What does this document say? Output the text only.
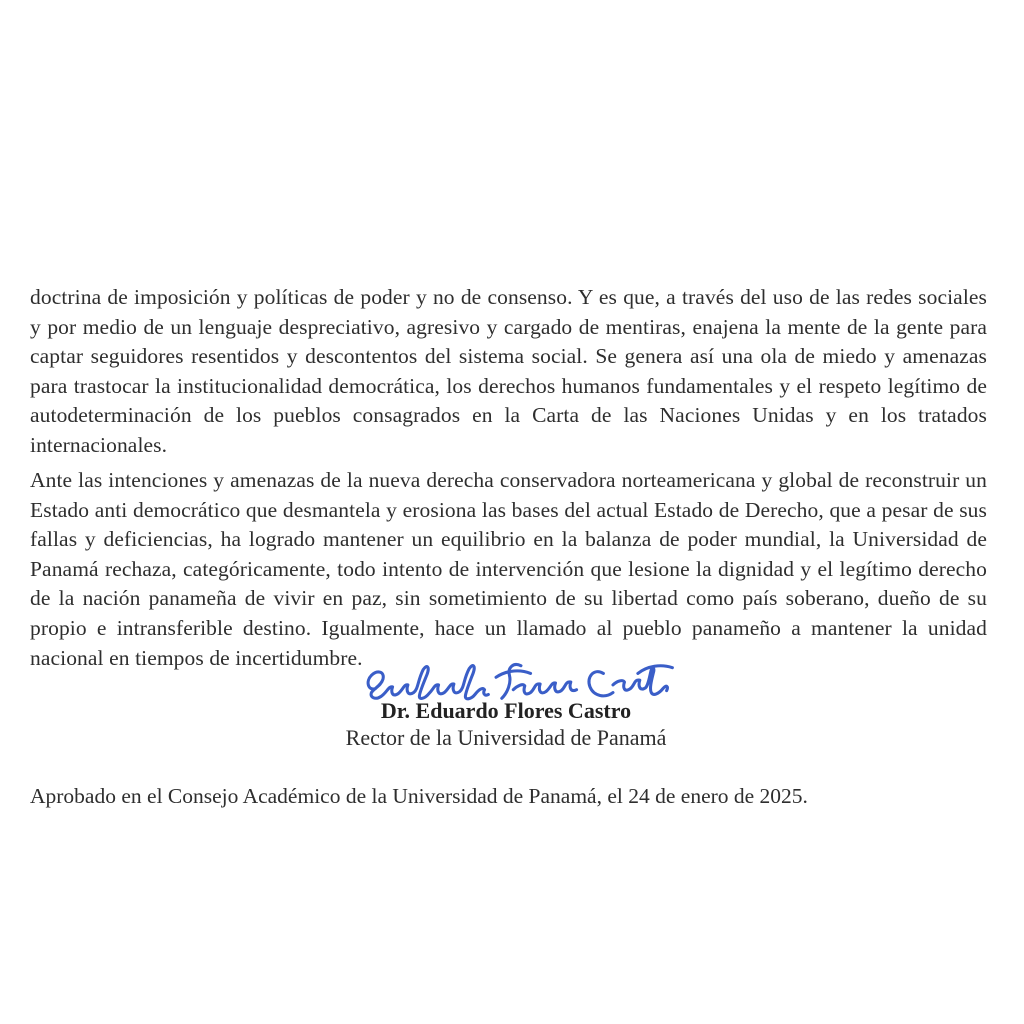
doctrina de imposición y políticas de poder y no de consenso. Y es que, a través del uso de las redes sociales y por medio de un lenguaje despreciativo, agresivo y cargado de mentiras, enajena la mente de la gente para captar seguidores resentidos y descontentos del sistema social. Se genera así una ola de miedo y amenazas para trastocar la institucionalidad democrática, los derechos humanos fundamentales y el respeto legítimo de autodeterminación de los pueblos consagrados en la Carta de las Naciones Unidas y en los tratados internacionales.
Ante las intenciones y amenazas de la nueva derecha conservadora norteamericana y global de reconstruir un Estado anti democrático que desmantela y erosiona las bases del actual Estado de Derecho, que a pesar de sus fallas y deficiencias, ha logrado mantener un equilibrio en la balanza de poder mundial, la Universidad de Panamá rechaza, categóricamente, todo intento de intervención que lesione la dignidad y el legítimo derecho de la nación panameña de vivir en paz, sin sometimiento de su libertad como país soberano, dueño de su propio e intransferible destino. Igualmente, hace un llamado al pueblo panameño a mantener la unidad nacional en tiempos de incertidumbre.
Dr. Eduardo Flores Castro
Rector de la Universidad de Panamá
Aprobado en el Consejo Académico de la Universidad de Panamá, el 24 de enero de 2025.
